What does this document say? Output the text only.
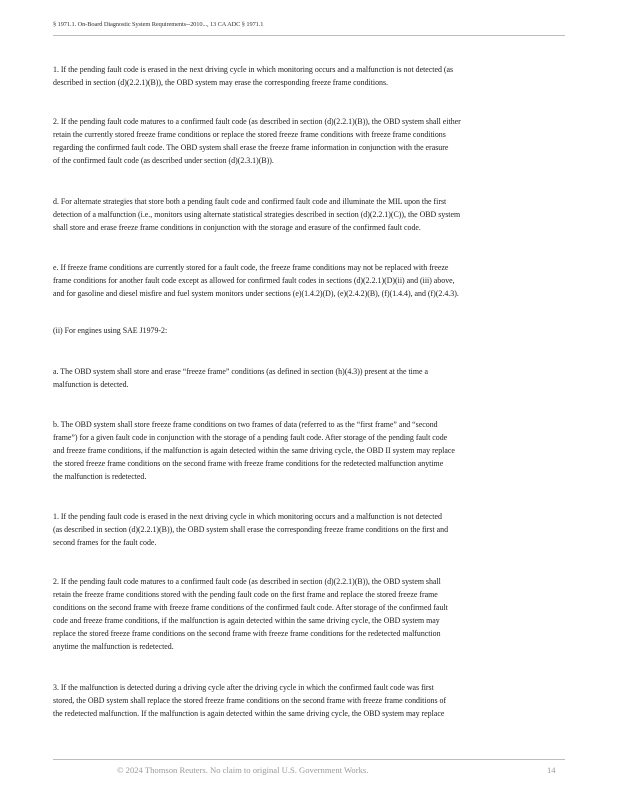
§ 1971.1. On-Board Diagnostic System Requirements--2010..., 13 CA ADC § 1971.1

1. If the pending fault code is erased in the next driving cycle in which monitoring occurs and a malfunction is not detected (as
described in section (d)(2.2.1)(B)), the OBD system may erase the corresponding freeze frame conditions.

2. If the pending fault code matures to a confirmed fault code (as described in section (d)(2.2.1)(B)), the OBD system shall either
retain the currently stored freeze frame conditions or replace the stored freeze frame conditions with freeze frame conditions
regarding the confirmed fault code. The OBD system shall erase the freeze frame information in conjunction with the erasure
of the confirmed fault code (as described under section (d)(2.3.1)(B)).

d. For alternate strategies that store both a pending fault code and confirmed fault code and illuminate the MIL upon the first
detection of a malfunction (i.e., monitors using alternate statistical strategies described in section (d)(2.2.1)(C)), the OBD system
shall store and erase freeze frame conditions in conjunction with the storage and erasure of the confirmed fault code.

e. If freeze frame conditions are currently stored for a fault code, the freeze frame conditions may not be replaced with freeze
frame conditions for another fault code except as allowed for confirmed fault codes in sections (d)(2.2.1)(D)(ii) and (iii) above,
and for gasoline and diesel misfire and fuel system monitors under sections (e)(1.4.2)(D), (e)(2.4.2)(B), (f)(1.4.4), and (f)(2.4.3).

(ii) For engines using SAE J1979-2:

a. The OBD system shall store and erase “freeze frame” conditions (as defined in section (h)(4.3)) present at the time a
malfunction is detected.

b. The OBD system shall store freeze frame conditions on two frames of data (referred to as the “first frame” and “second
frame”) for a given fault code in conjunction with the storage of a pending fault code. After storage of the pending fault code
and freeze frame conditions, if the malfunction is again detected within the same driving cycle, the OBD II system may replace
the stored freeze frame conditions on the second frame with freeze frame conditions for the redetected malfunction anytime
the malfunction is redetected.

1. If the pending fault code is erased in the next driving cycle in which monitoring occurs and a malfunction is not detected
(as described in section (d)(2.2.1)(B)), the OBD system shall erase the corresponding freeze frame conditions on the first and
second frames for the fault code.

2. If the pending fault code matures to a confirmed fault code (as described in section (d)(2.2.1)(B)), the OBD system shall
retain the freeze frame conditions stored with the pending fault code on the first frame and replace the stored freeze frame
conditions on the second frame with freeze frame conditions of the confirmed fault code. After storage of the confirmed fault
code and freeze frame conditions, if the malfunction is again detected within the same driving cycle, the OBD system may
replace the stored freeze frame conditions on the second frame with freeze frame conditions for the redetected malfunction
anytime the malfunction is redetected.

3. If the malfunction is detected during a driving cycle after the driving cycle in which the confirmed fault code was first
stored, the OBD system shall replace the stored freeze frame conditions on the second frame with freeze frame conditions of
the redetected malfunction. If the malfunction is again detected within the same driving cycle, the OBD system may replace

© 2024 Thomson Reuters. No claim to original U.S. Government Works.	14
